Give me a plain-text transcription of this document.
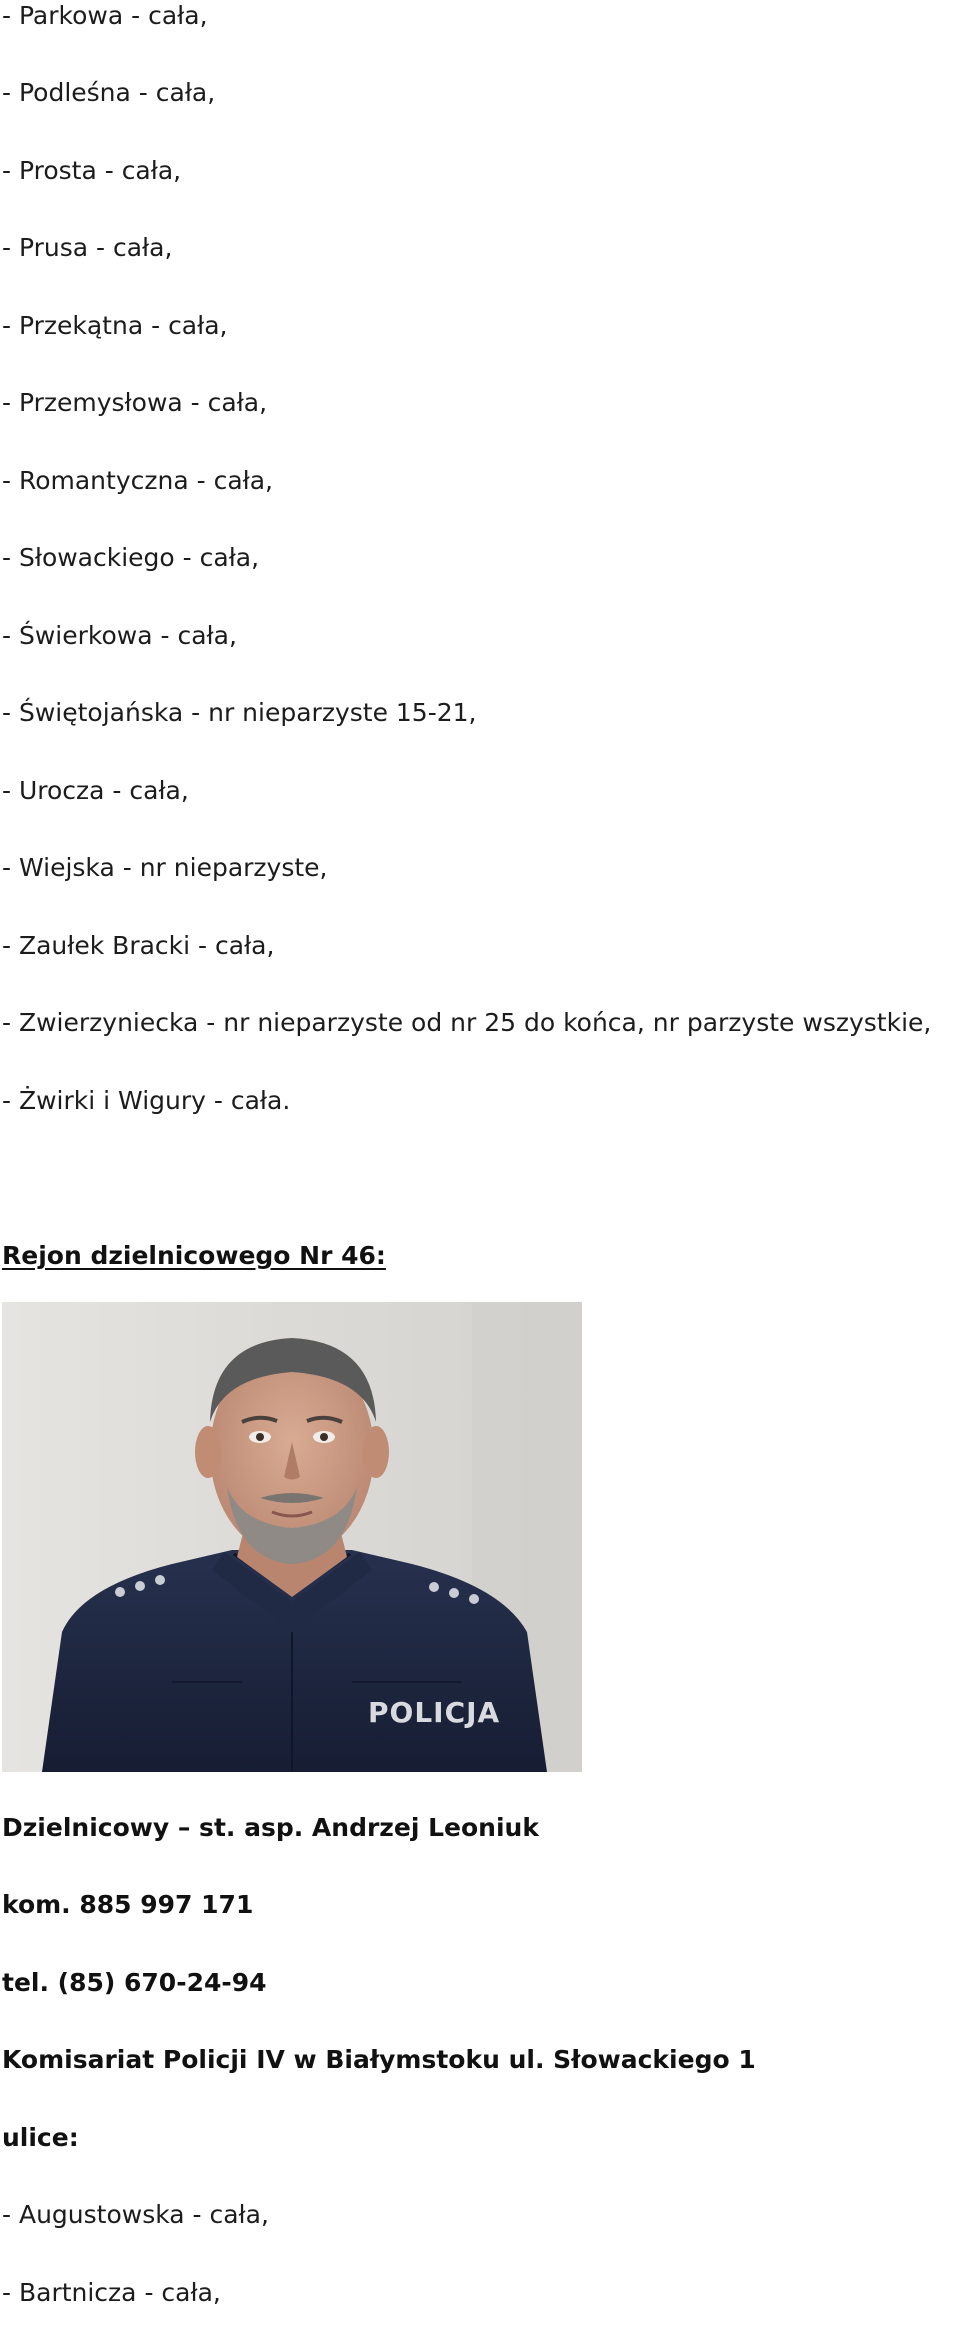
- Parkowa - cała,
- Podleśna - cała,
- Prosta - cała,
- Prusa - cała,
- Przekątna - cała,
- Przemysłowa - cała,
- Romantyczna - cała,
- Słowackiego - cała,
- Świerkowa - cała,
- Świętojańska - nr nieparzyste 15-21,
- Urocza - cała,
- Wiejska - nr nieparzyste,
- Zaułek Bracki - cała,
- Zwierzyniecka - nr nieparzyste od nr 25 do końca, nr parzyste wszystkie,
- Żwirki i Wigury - cała.
Rejon dzielnicowego Nr 46:
POLICJA
Dzielnicowy – st. asp. Andrzej Leoniuk
kom. 885 997 171
tel. (85) 670-24-94
Komisariat Policji IV w Białymstoku ul. Słowackiego 1
ulice:
- Augustowska - cała,
- Bartnicza - cała,
